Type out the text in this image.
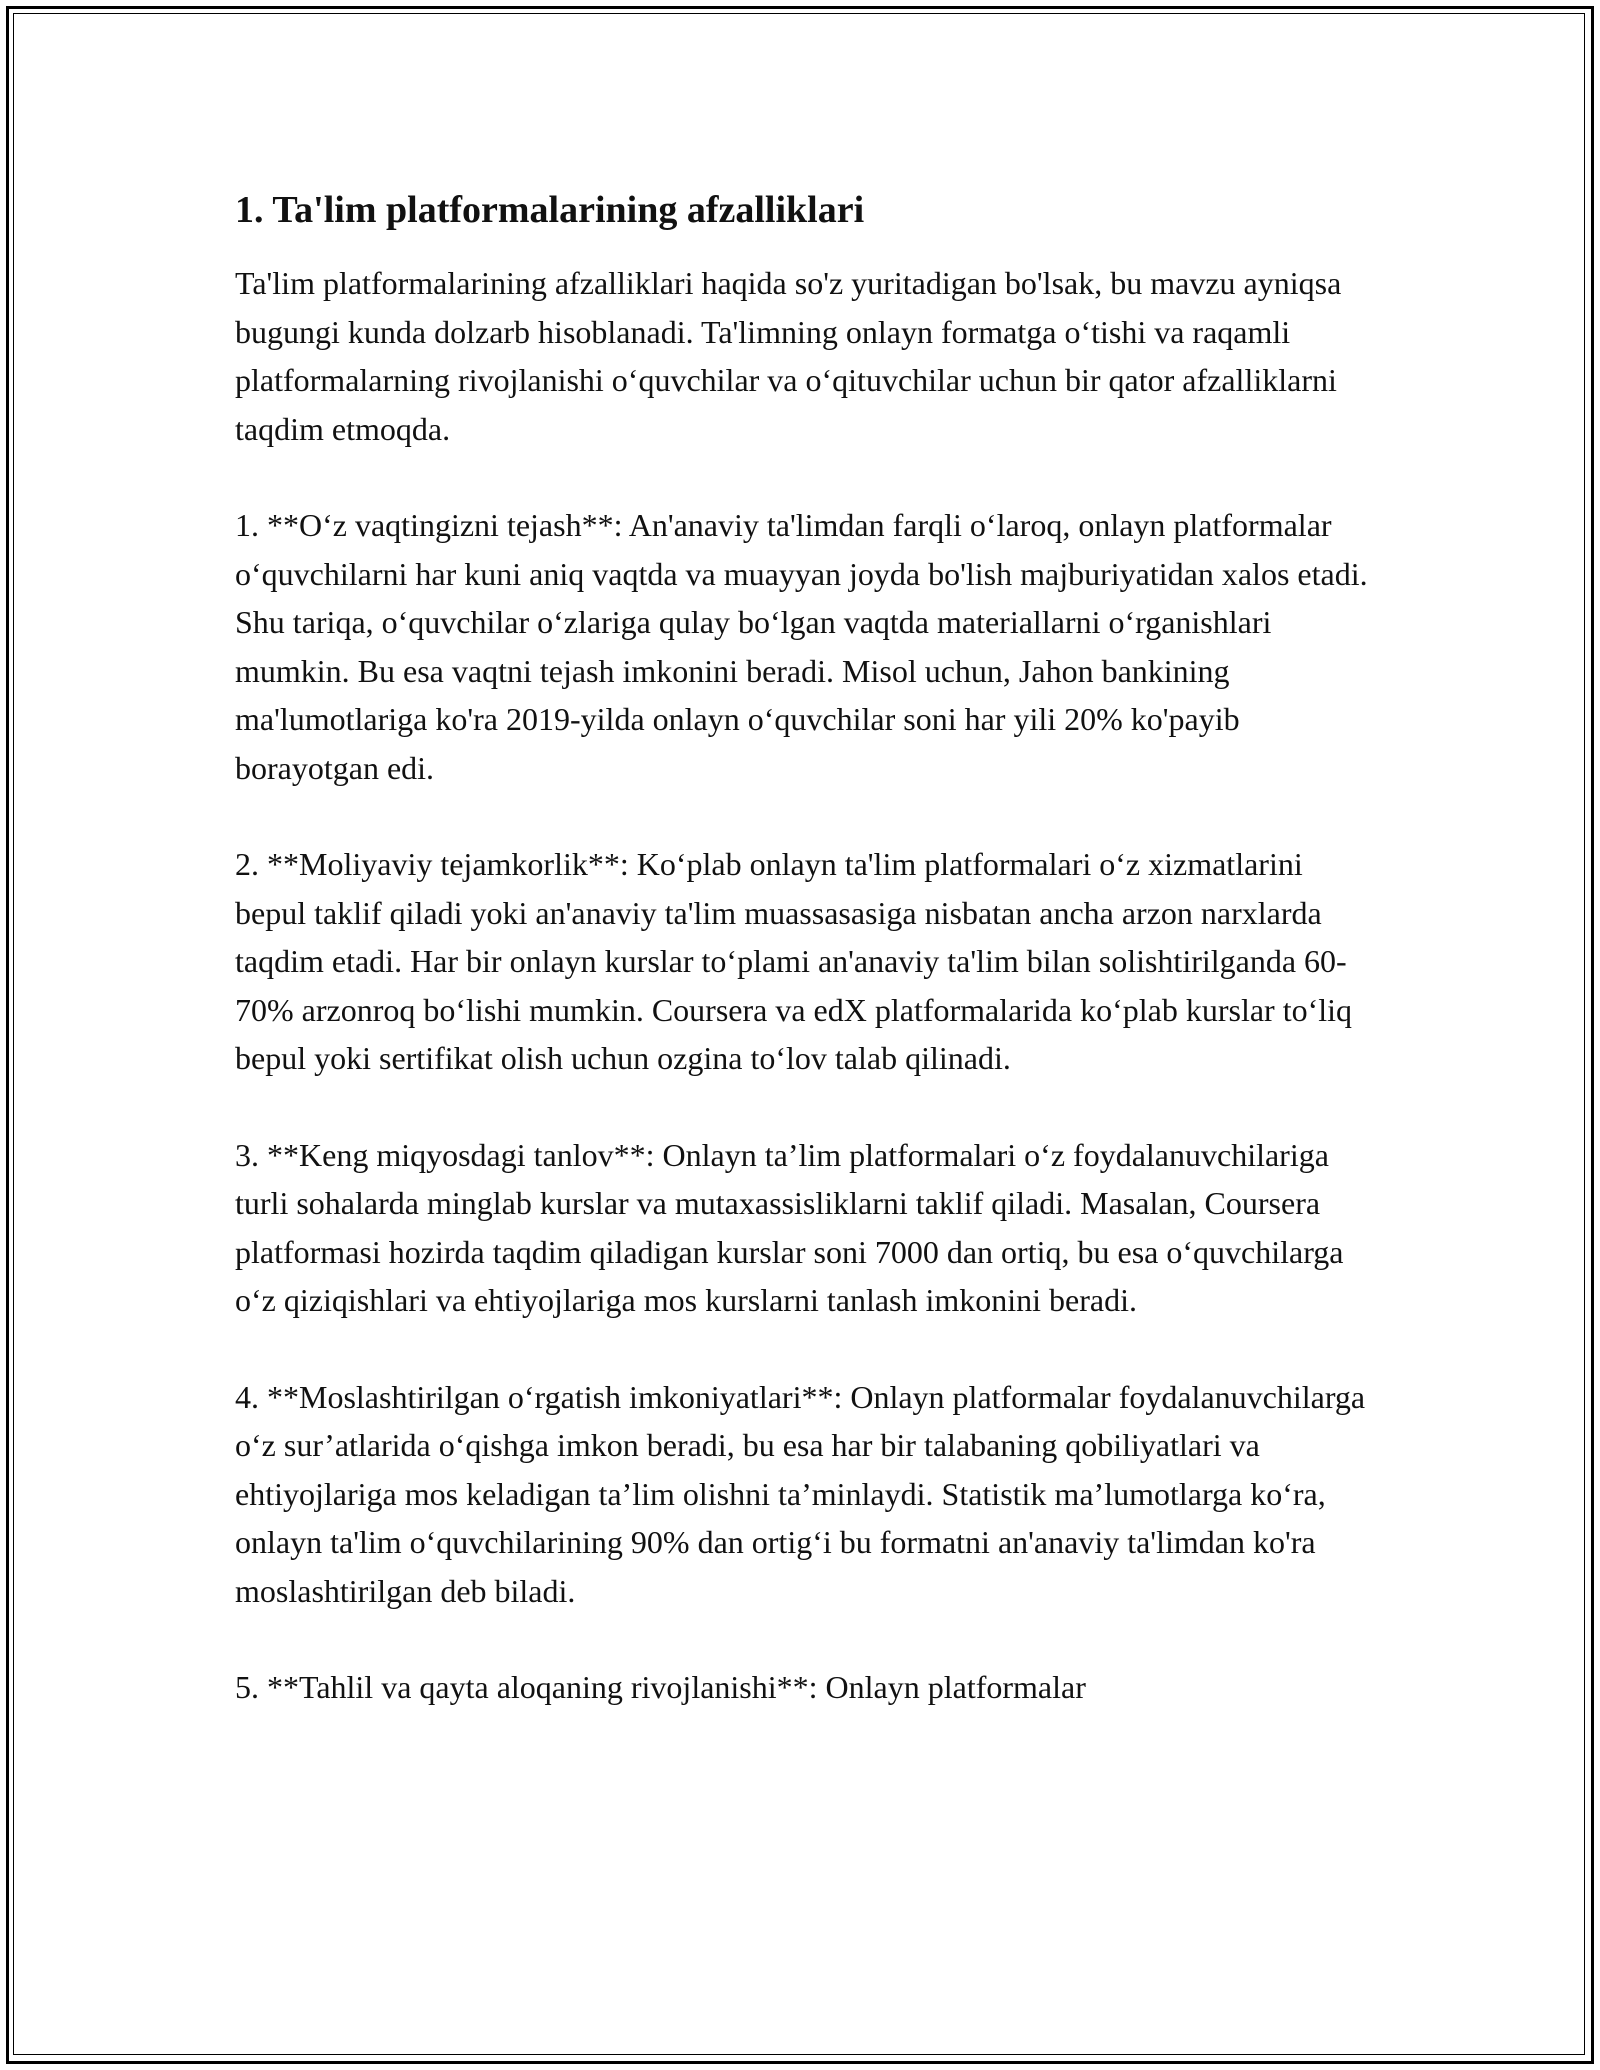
1. Ta'lim platformalarining afzalliklari

Ta'lim platformalarining afzalliklari haqida so'z yuritadigan bo'lsak, bu mavzu ayniqsa bugungi kunda dolzarb hisoblanadi. Ta'limning onlayn formatga oʻtishi va raqamli platformalarning rivojlanishi oʻquvchilar va oʻqituvchilar uchun bir qator afzalliklarni taqdim etmoqda.

1. **Oʻz vaqtingizni tejash**: An'anaviy ta'limdan farqli oʻlaroq, onlayn platformalar oʻquvchilarni har kuni aniq vaqtda va muayyan joyda bo'lish majburiyatidan xalos etadi. Shu tariqa, oʻquvchilar oʻzlariga qulay boʻlgan vaqtda materiallarni oʻrganishlari mumkin. Bu esa vaqtni tejash imkonini beradi. Misol uchun, Jahon bankining ma'lumotlariga ko'ra 2019-yilda onlayn oʻquvchilar soni har yili 20% ko'payib borayotgan edi.

2. **Moliyaviy tejamkorlik**: Koʻplab onlayn ta'lim platformalari oʻz xizmatlarini bepul taklif qiladi yoki an'anaviy ta'lim muassasasiga nisbatan ancha arzon narxlarda taqdim etadi. Har bir onlayn kurslar toʻplami an'anaviy ta'lim bilan solishtirilganda 60-70% arzonroq boʻlishi mumkin. Coursera va edX platformalarida koʻplab kurslar toʻliq bepul yoki sertifikat olish uchun ozgina toʻlov talab qilinadi.

3. **Keng miqyosdagi tanlov**: Onlayn ta’lim platformalari oʻz foydalanuvchilariga turli sohalarda minglab kurslar va mutaxassisliklarni taklif qiladi. Masalan, Coursera platformasi hozirda taqdim qiladigan kurslar soni 7000 dan ortiq, bu esa oʻquvchilarga oʻz qiziqishlari va ehtiyojlariga mos kurslarni tanlash imkonini beradi.

4. **Moslashtirilgan oʻrgatish imkoniyatlari**: Onlayn platformalar foydalanuvchilarga oʻz sur’atlarida oʻqishga imkon beradi, bu esa har bir talabaning qobiliyatlari va ehtiyojlariga mos keladigan ta’lim olishni ta’minlaydi. Statistik ma’lumotlarga koʻra, onlayn ta'lim oʻquvchilarining 90% dan ortigʻi bu formatni an'anaviy ta'limdan ko'ra moslashtirilgan deb biladi.

5. **Tahlil va qayta aloqaning rivojlanishi**: Onlayn platformalar
